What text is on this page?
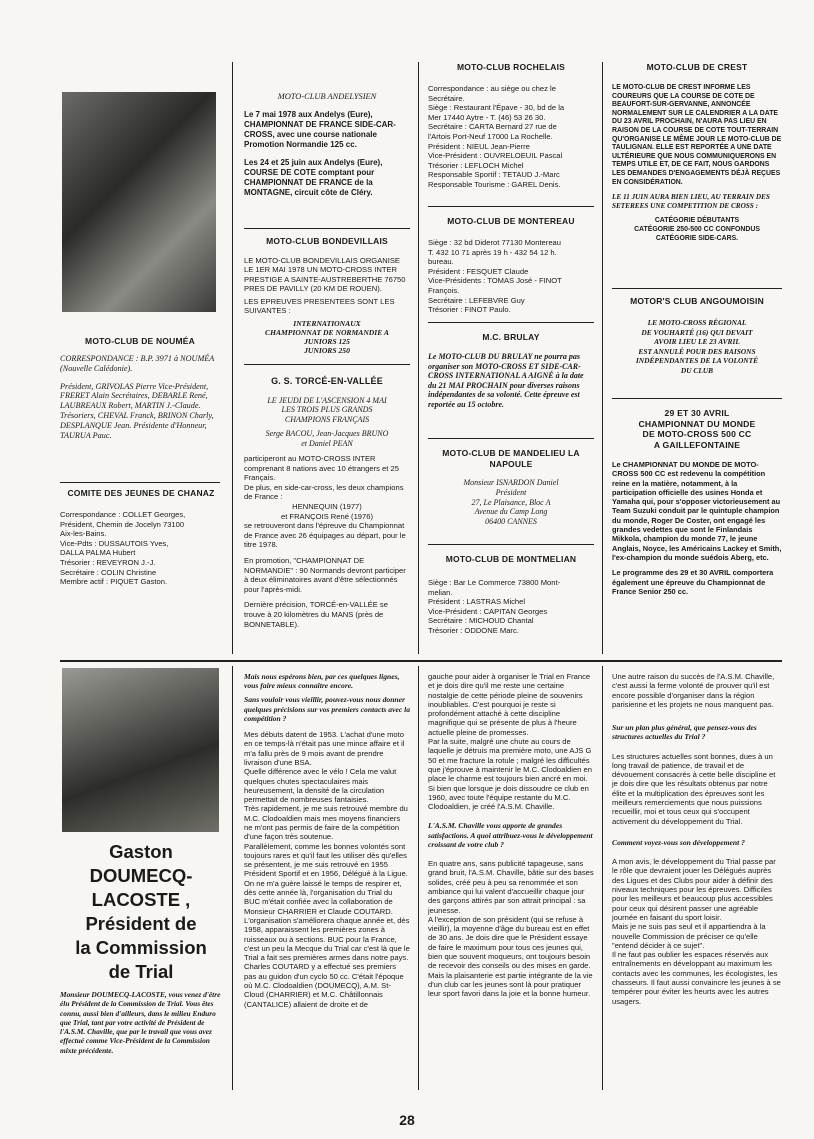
MOTO-CLUB DE NOUMÉA

CORRESPONDANCE : B.P. 3971 à NOUMÉA (Nouvelle Calédonie).

Président, GRIVOLAS Pierre Vice-Président, FRERET Alain Secrétaires, DEBARLE René, LAUBREAUX Robert, MARTIN J.-Claude. Trésoriers, CHEVAL Franck, BRINON Charly, DESPLANQUE Jean. Présidente d'Honneur, TAURUA Pauc.

COMITE DES JEUNES DE CHANAZ

Correspondance : COLLET Georges,

Président, Chemin de Jocelyn 73100

Aix-les-Bains.

Vice-Pdts : DUSSAUTOIS Yves,

DALLA PALMA Hubert

Trésorier : REVEYRON J.-J.

Secrétaire : COLIN Christine

Membre actif : PIQUET Gaston.

MOTO-CLUB ANDELYSIEN

Le 7 mai 1978 aux Andelys (Eure), CHAMPIONNAT DE FRANCE SIDE-CAR-CROSS, avec une course nationale Promotion Normandie 125 cc.

Les 24 et 25 juin aux Andelys (Eure), COURSE DE COTE comptant pour CHAMPIONNAT DE FRANCE de la MONTAGNE, circuit côte de Cléry.

MOTO-CLUB BONDEVILLAIS

LE MOTO-CLUB BONDEVILLAIS ORGANISE LE 1ER MAI 1978 UN MOTO-CROSS INTER PRESTIGE A SAINTE-AUSTREBERTHE 76750 PRES DE PAVILLY (20 KM DE ROUEN).

LES EPREUVES PRESENTEES SONT LES SUIVANTES :

INTERNATIONAUX

CHAMPIONNAT DE NORMANDIE A

JUNIORS 125

JUNIORS 250

G. S. TORCÉ-EN-VALLÉE

LE JEUDI DE L'ASCENSION 4 MAI

LES TROIS PLUS GRANDS

CHAMPIONS FRANÇAIS

Serge BACOU, Jean-Jacques BRUNO

et Daniel PEAN

participeront au MOTO-CROSS INTER comprenant 8 nations avec 10 étrangers et 25 Français.

De plus, en side-car-cross, les deux champions de France :

HENNEQUIN (1977)

et FRANÇOIS René (1976)

se retrouveront dans l'épreuve du Championnat de France avec 26 équipages au départ, pour le titre 1978.

En promotion, "CHAMPIONNAT DE NORMANDIE" : 90 Normands devront participer à deux éliminatoires avant d'être sélectionnés pour l'après-midi.

Dernière précision, TORCÉ-en-VALLÉE se trouve à 20 kilomètres du MANS (près de BONNETABLE).

MOTO-CLUB ROCHELAIS

Correspondance : au siège ou chez le

Secrétaire.

Siège : Restaurant l'Épave - 30, bd de la

Mer 17440 Aytre - T. (46) 53 26 30.

Secrétaire : CARTA Bernard 27 rue de

l'Artois Port-Neuf 17000 La Rochelle.

Président : NIEUL Jean-Pierre

Vice-Président : OUVRELOEUIL Pascal

Trésorier : LEFLOCH Michel

Responsable Sportif : TETAUD J.-Marc

Responsable Tourisme : GAREL Denis.

MOTO-CLUB DE MONTEREAU

Siège : 32 bd Diderot 77130 Montereau

T. 432 10 71 après 19 h - 432 54 12 h.

bureau.

Président : FESQUET Claude

Vice-Présidents : TOMAS José - FINOT

François.

Secrétaire : LEFEBVRE Guy

Trésorier : FINOT Paulo.

M.C. BRULAY

Le MOTO-CLUB DU BRULAY ne pourra pas organiser son MOTO-CROSS ET SIDE-CAR-CROSS INTERNATIONAL A AIGNÉ à la date du 21 MAI PROCHAIN pour diverses raisons indépendantes de sa volonté. Cette épreuve est reportée au 15 octobre.

MOTO-CLUB DE MANDELIEU LA NAPOULE

Monsieur ISNARDON Daniel

Président

27, Le Plaisance, Bloc A

Avenue du Camp Long

06400 CANNES

MOTO-CLUB DE MONTMELIAN

Siège : Bar Le Commerce 73800 Mont-

melian.

Président : LASTRAS Michel

Vice-Président : CAPITAN Georges

Secrétaire : MICHOUD Chantal

Trésorier : ODDONE Marc.

MOTO-CLUB DE CREST

LE MOTO-CLUB DE CREST INFORME LES COUREURS QUE LA COURSE DE COTE DE BEAUFORT-SUR-GERVANNE, ANNONCÉE NORMALEMENT SUR LE CALENDRIER A LA DATE DU 23 AVRIL PROCHAIN, N'AURA PAS LIEU EN RAISON DE LA COURSE DE COTE TOUT-TERRAIN QU'ORGANISE LE MÊME JOUR LE MOTO-CLUB DE TAULIGNAN. ELLE EST REPORTÉE A UNE DATE ULTÉRIEURE QUE NOUS COMMUNIQUERONS EN TEMPS UTILE ET, DE CE FAIT, NOUS GARDONS LES DEMANDES D'ENGAGEMENTS DÉJÀ REÇUES EN CONSIDÉRATION.

LE 11 JUIN AURA BIEN LIEU, AU TERRAIN DES SETEREES UNE COMPETITION DE CROSS :

CATÉGORIE DÉBUTANTS

CATÉGORIE 250-500 CC CONFONDUS

CATÉGORIE SIDE-CARS.

MOTOR'S CLUB ANGOUMOISIN

LE MOTO-CROSS RÉGIONAL

DE VOUHARTÉ (16) QUI DEVAIT

AVOIR LIEU LE 23 AVRIL

EST ANNULÉ POUR DES RAISONS

INDÉPENDANTES DE LA VOLONTÉ

DU CLUB

29 ET 30 AVRIL

CHAMPIONNAT DU MONDE

DE MOTO-CROSS 500 CC

A GAILLEFONTAINE

Le CHAMPIONNAT DU MONDE DE MOTO-CROSS 500 CC est redevenu la compétition reine en la matière, notamment, à la participation officielle des usines Honda et Yamaha qui, pour s'opposer victorieusement au Team Suzuki conduit par le quintuple champion du monde, Roger De Coster, ont engagé les grandes vedettes que sont le Finlandais Mikkola, champion du monde 77, le jeune Anglais, Noyce, les Américains Lackey et Smith, l'ex-champion du monde suédois Aberg, etc.

Le programme des 29 et 30 AVRIL comportera également une épreuve du Championnat de France Senior 250 cc.

Gaston

DOUMECQ-

LACOSTE ,

Président de

la Commission

de Trial

Monsieur DOUMECQ-LACOSTE, vous venez d'être élu Président de la Commission de Trial. Vous êtes connu, aussi bien d'ailleurs, dans le milieu Enduro que Trial, tant par votre activité de Président de l'A.S.M. Chaville, que par le travail que vous avez effectué comme Vice-Président de la Commission mixte précédente.

Mais nous espérons bien, par ces quelques lignes, vous faire mieux connaître encore.

Sans vouloir vous vieillir, pouvez-vous nous donner quelques précisions sur vos premiers contacts avec la compétition ?

Mes débuts datent de 1953. L'achat d'une moto en ce temps-là n'était pas une mince affaire et il m'a fallu près de 9 mois avant de prendre livraison d'une BSA.

Quelle différence avec le vélo ! Cela me valut quelques chutes spectaculaires mais heureusement, la densité de la circulation permettait de nombreuses fantaisies.

Très rapidement, je me suis retrouvé membre du M.C. Clodoaldien mais mes moyens financiers ne m'ont pas permis de faire de la compétition d'une façon très soutenue.

Parallèlement, comme les bonnes volontés sont toujours rares et qu'il faut les utiliser dès qu'elles se présentent, je me suis retrouvé en 1955 Président Sportif et en 1956, Délégué à la Ligue.

On ne m'a guère laissé le temps de respirer et, dès cette année là, l'organisation du Trial du BUC m'était confiée avec la collaboration de Monsieur CHARRIER et Claude COUTARD.

L'organisation s'améliorera chaque année et, dès 1958, apparaissent les premières zones à ruisseaux ou à sections. BUC pour la France, c'est un peu la Mecque du Trial car c'est là que le Trial a fait ses premières armes dans notre pays. Charles COUTARD y a effectué ses premiers pas au guidon d'un cyclo 50 cc. C'était l'époque où M.C. Clodoaldien (DOUMECQ), A.M. St-Cloud (CHARRIER) et M.C. Châtillonnais (CANTALICE) allaient de droite et de

gauche pour aider à organiser le Trial en France et je dois dire qu'il me reste une certaine nostalgie de cette période pleine de souvenirs inoubliables. C'est pourquoi je reste si profondément attaché à cette discipline magnifique qui se présente de plus à l'heure actuelle pleine de promesses.

Par la suite, malgré une chute au cours de laquelle je détruis ma première moto, une AJS G 50 et me fracture la rotule ; malgré les difficultés que j'éprouve à maintenir le M.C. Clodoaldien en place le charme est toujours bien ancré en moi. Si bien que lorsque je dois dissoudre ce club en 1960, avec toute l'équipe restante du M.C. Clodoaldien, je créé l'A.S.M. Chaville.

L'A.S.M. Chaville vous apporte de grandes satisfactions. A quoi attribuez-vous le développement croissant de votre club ?

En quatre ans, sans publicité tapageuse, sans grand bruit, l'A.S.M. Chaville, bâtie sur des bases solides, créé peu à peu sa renommée et son ambiance qui lui valent d'accueillir chaque jour des garçons attirés par son attrait principal : sa jeunesse.

A l'exception de son président (qui se refuse à vieillir), la moyenne d'âge du bureau est en effet de 30 ans. Je dois dire que le Président essaye de faire le maximum pour tous ces jeunes qui, bien que souvent moqueurs, ont toujours besoin de recevoir des conseils ou des mises en garde. Mais la plaisanterie est partie intégrante de la vie d'un club car les jeunes sont là pour pratiquer leur sport favori dans la joie et la bonne humeur.

Une autre raison du succès de l'A.S.M. Chaville, c'est aussi la ferme volonté de prouver qu'il est encore possible d'organiser dans la région parisienne et les projets ne nous manquent pas.

Sur un plan plus général, que pensez-vous des structures actuelles du Trial ?

Les structures actuelles sont bonnes, dues à un long travail de patience, de travail et de dévouement consacrés à cette belle discipline et je dois dire que les résultats obtenus par notre élite et la multiplication des épreuves sont les meilleurs remerciements que nous puissions recueillir, moi et tous ceux qui s'occupent activement du développement du Trial.

Comment voyez-vous son développement ?

A mon avis, le développement du Trial passe par le rôle que devraient jouer les Délégués auprès des Ligues et des Clubs pour aider à définir des niveaux techniques pour les épreuves. Difficiles pour les meilleurs et beaucoup plus accessibles pour ceux qui désirent passer une agréable journée en faisant du sport loisir.

Mais je ne suis pas seul et il appartiendra à la nouvelle Commission de préciser ce qu'elle "entend décider à ce sujet".

Il ne faut pas oublier les espaces réservés aux entraînements en développant au maximum les contacts avec les communes, les écologistes, les chasseurs. Il faut aussi convaincre les jeunes à se tempérer pour éviter les heurts avec les autres usagers.

28
